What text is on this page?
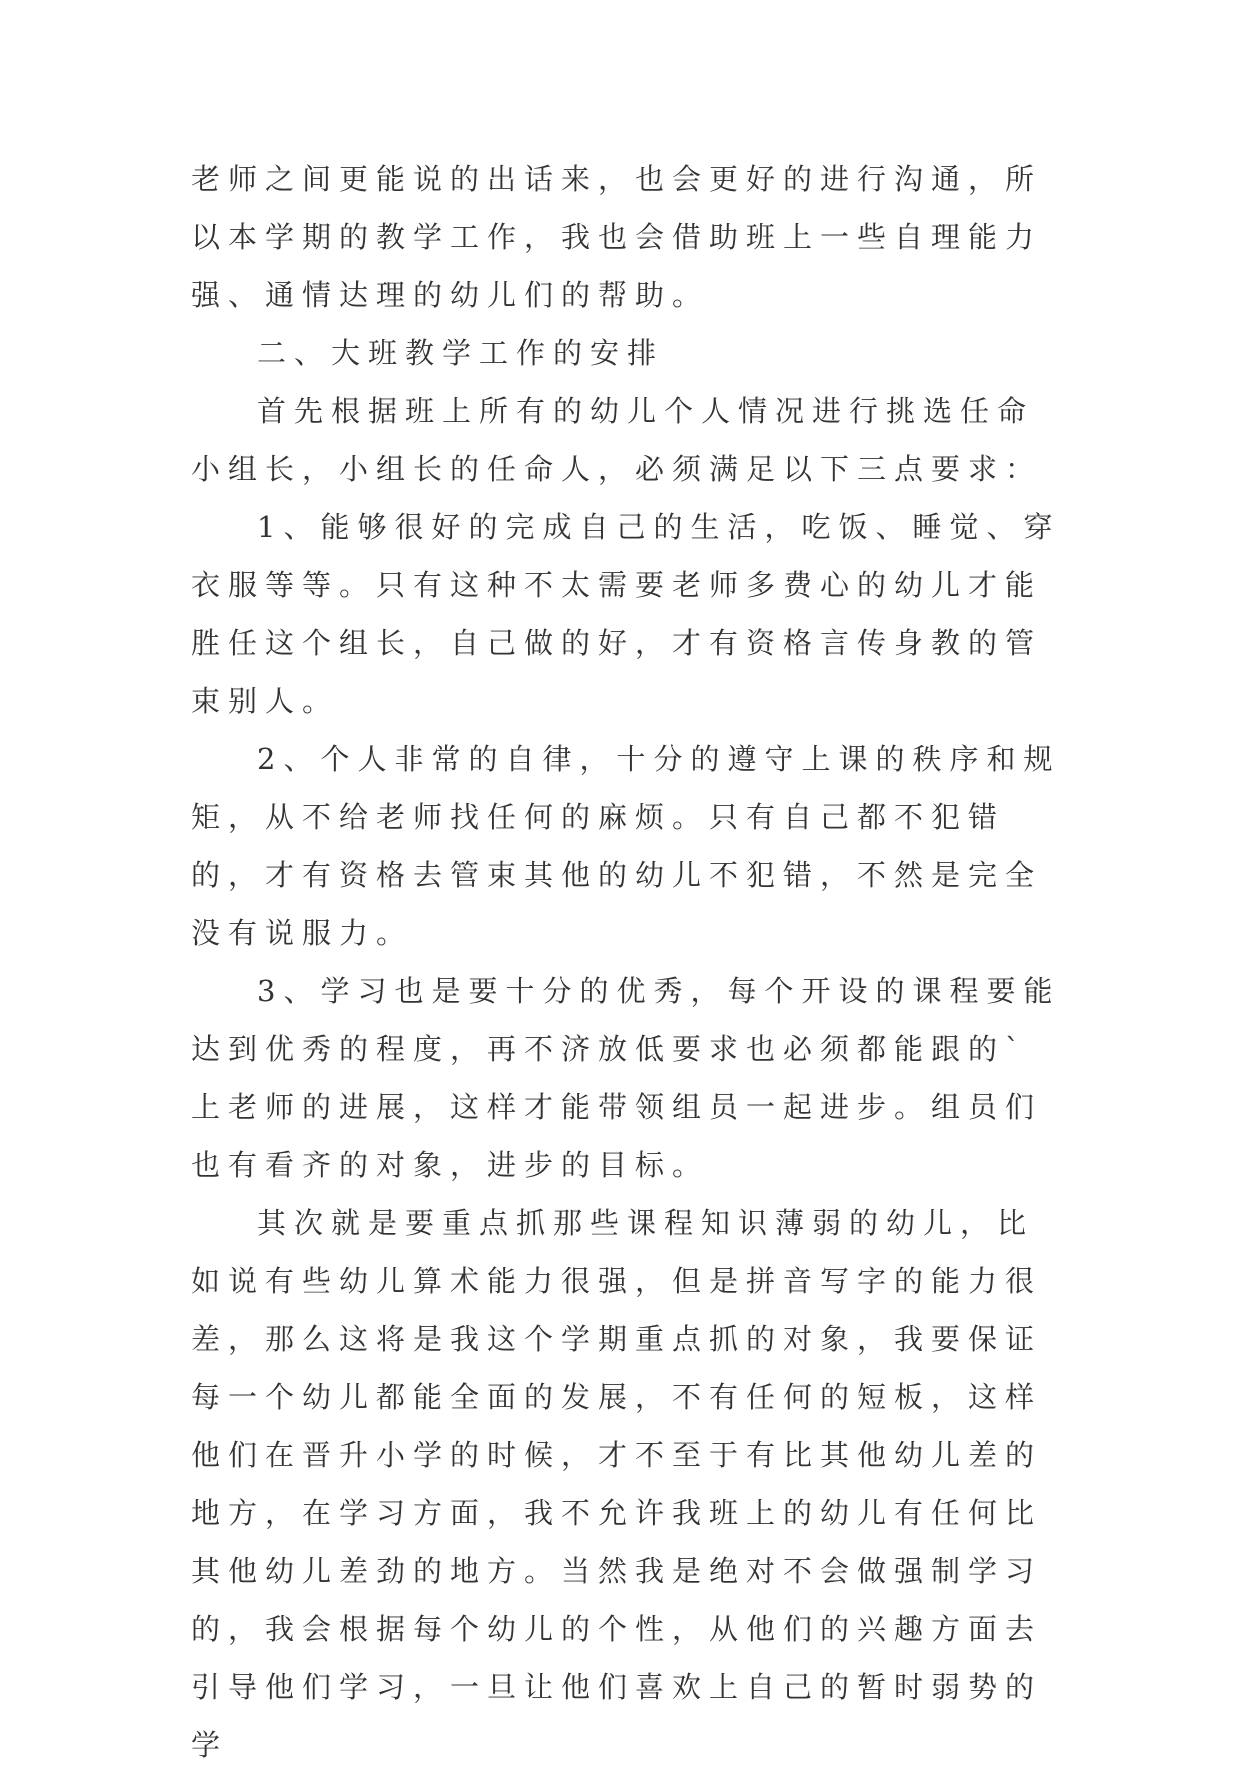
老师之间更能说的出话来，也会更好的进行沟通，所以本学期的教学工作，我也会借助班上一些自理能力强、通情达理的幼儿们的帮助。

二、大班教学工作的安排

首先根据班上所有的幼儿个人情况进行挑选任命小组长，小组长的任命人，必须满足以下三点要求：

1、能够很好的完成自己的生活，吃饭、睡觉、穿衣服等等。只有这种不太需要老师多费心的幼儿才能胜任这个组长，自己做的好，才有资格言传身教的管束别人。

2、个人非常的自律，十分的遵守上课的秩序和规矩，从不给老师找任何的麻烦。只有自己都不犯错的，才有资格去管束其他的幼儿不犯错，不然是完全没有说服力。

3、学习也是要十分的优秀，每个开设的课程要能达到优秀的程度，再不济放低要求也必须都能跟的`上老师的进展，这样才能带领组员一起进步。组员们也有看齐的对象，进步的目标。

其次就是要重点抓那些课程知识薄弱的幼儿，比如说有些幼儿算术能力很强，但是拼音写字的能力很差，那么这将是我这个学期重点抓的对象，我要保证每一个幼儿都能全面的发展，不有任何的短板，这样他们在晋升小学的时候，才不至于有比其他幼儿差的地方，在学习方面，我不允许我班上的幼儿有任何比其他幼儿差劲的地方。当然我是绝对不会做强制学习的，我会根据每个幼儿的个性，从他们的兴趣方面去引导他们学习，一旦让他们喜欢上自己的暂时弱势的学
